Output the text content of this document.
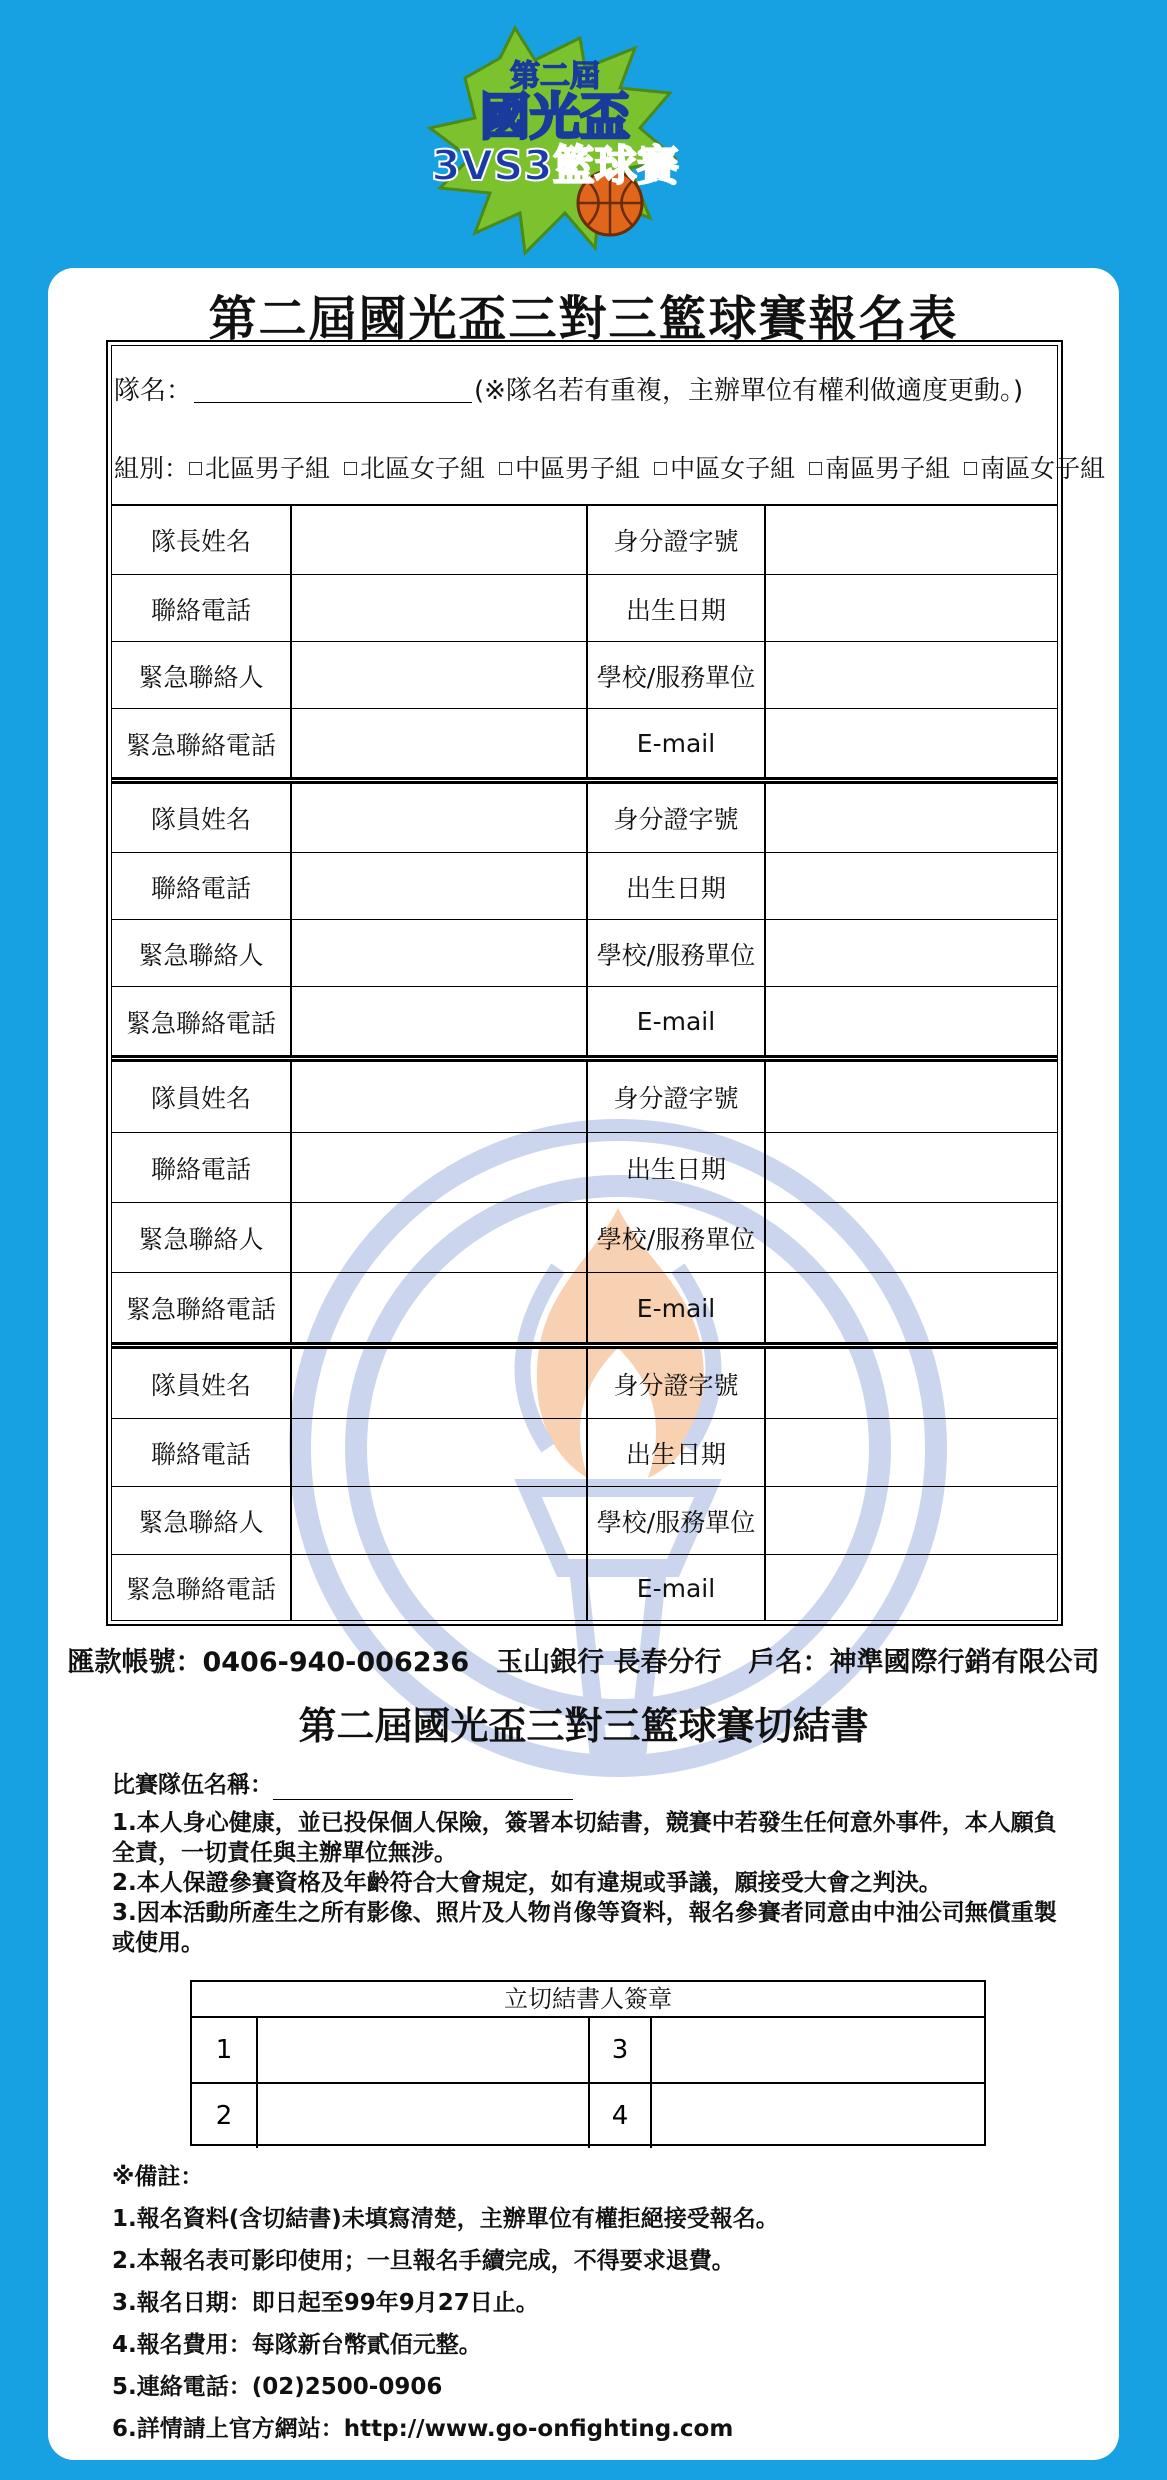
第二屆
國光盃
3VS3籃球賽
第二屆國光盃三對三籃球賽報名表
隊名：	(※隊名若有重複，主辦單位有權利做適度更動。)
組別： 北區男子組	北區女子組	中區男子組	中區女子組	南區男子組	南區女子組
隊長姓名	身分證字號
聯絡電話	出生日期
緊急聯絡人	學校/服務單位
緊急聯絡電話	E-mail
隊員姓名	身分證字號
聯絡電話	出生日期
緊急聯絡人	學校/服務單位
緊急聯絡電話	E-mail
隊員姓名	身分證字號
聯絡電話	出生日期
緊急聯絡人	學校/服務單位
緊急聯絡電話	E-mail
隊員姓名	身分證字號
聯絡電話	出生日期
緊急聯絡人	學校/服務單位
緊急聯絡電話	E-mail
匯款帳號：0406-940-006236　玉山銀行 長春分行　戶名：神準國際行銷有限公司
第二屆國光盃三對三籃球賽切結書

比賽隊伍名稱：

1.本人身心健康，並已投保個人保險，簽署本切結書，競賽中若發生任何意外事件，本人願負全責，一切責任與主辦單位無涉。

2.本人保證參賽資格及年齡符合大會規定，如有違規或爭議，願接受大會之判決。

3.因本活動所產生之所有影像、照片及人物肖像等資料，報名參賽者同意由中油公司無償重製或使用。

立切結書人簽章
1	3
2	4
※備註：
1.報名資料(含切結書)未填寫清楚，主辦單位有權拒絕接受報名。
2.本報名表可影印使用；一旦報名手續完成，不得要求退費。
3.報名日期：即日起至99年9月27日止。
4.報名費用：每隊新台幣貳佰元整。
5.連絡電話：(02)2500-0906
6.詳情請上官方網站：http://www.go-onfighting.com
